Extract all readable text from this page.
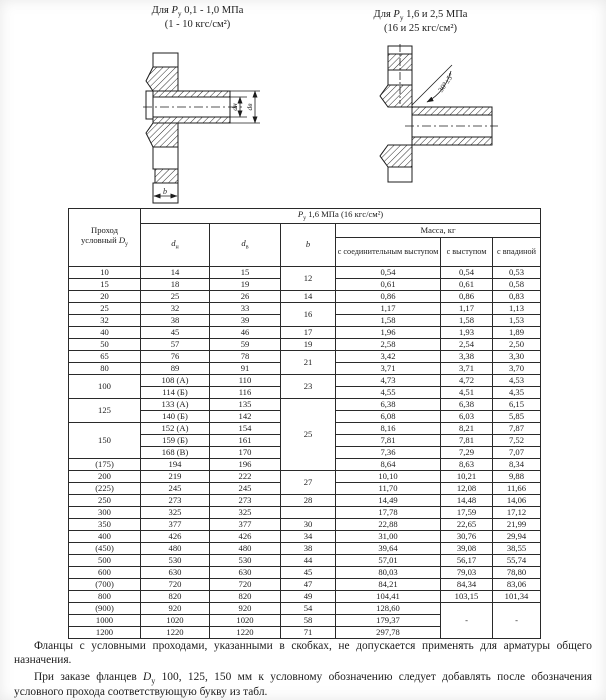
Для $Р_у$ 0,1 - 1,0 МПа
(1 - 10 кгс/см²)
Для $Р_у$ 1,6 и 2,5 МПа
(16 и 25 кгс/см²)
dн dв
b
30°±5°
Проход
условный $D_у$	$Р_у$ 1,6 МПа (16 кгс/см²)					
	$d_н$	$d_в$	b	Масса, кг		
				с соединительным выступом	с выступом	с впадиной
10	14	15	12	0,54	0,54	0,53
15	18	19		0,61	0,61	0,58
20	25	26	14	0,86	0,86	0,83
25	32	33	16	1,17	1,17	1,13
32	38	39		1,58	1,58	1,53
40	45	46	17	1,96	1,93	1,89
50	57	59	19	2,58	2,54	2,50
65	76	78	21	3,42	3,38	3,30
80	89	91		3,71	3,71	3,70
100	108 (А)	110	23	4,73	4,72	4,53
	114 (Б)	116		4,55	4,51	4,35
125	133 (А)	135	25	6,38	6,38	6,15
	140 (Б)	142		6,08	6,03	5,85
150	152 (А)	154		8,16	8,21	7,87
	159 (Б)	161		7,81	7,81	7,52
	168 (В)	170		7,36	7,29	7,07
(175)	194	196		8,64	8,63	8,34
200	219	222	27	10,10	10,21	9,88
(225)	245	245		11,70	12,08	11,66
250	273	273	28	14,49	14,48	14,06
300	325	325		17,78	17,59	17,12
350	377	377	30	22,88	22,65	21,99
400	426	426	34	31,00	30,76	29,94
(450)	480	480	38	39,64	39,08	38,55
500	530	530	44	57,01	56,17	55,74
600	630	630	45	80,03	79,03	78,80
(700)	720	720	47	84,21	84,34	83,06
800	820	820	49	104,41	103,15	101,34
(900)	920	920	54	128,60	-	-
1000	1020	1020	58	179,37		
1200	1220	1220	71	297,78		

Фланцы с условными проходами, указанными в скобках, не допускается применять для арматуры общего назначения.

При заказе фланцев $D_у$ 100, 125, 150 мм к условному обозначению следует добавлять после обозначения условного прохода соответствующую букву из табл.
